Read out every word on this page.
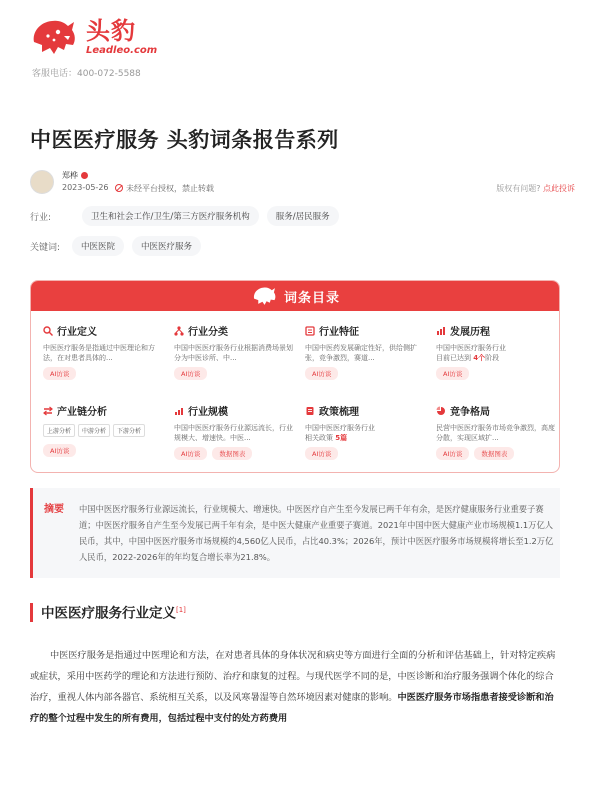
头豹
Leadleo.com
客服电话：400-072-5588
中医医疗服务 头豹词条报告系列
郑桦
2023-05-26	未经平台授权，禁止转载	版权有问题? 点此投诉
行业:	卫生和社会工作/卫生/第三方医疗服务机构	服务/居民服务
关键词:	中医医院	中医医疗服务
词条目录
行业定义
中医医疗服务是指通过中医理论和方法，在对患者具体的...
AI访谈
行业分类
中国中医医疗服务行业根据消费场景划分为中医诊所、中...
AI访谈
行业特征
中国中医药发展确定性好，供给侧扩张，竞争激烈，赛道...
AI访谈
发展历程
中国中医医疗服务行业
目前已达到 4个阶段
AI访谈
产业链分析
上游分析	中游分析	下游分析
AI访谈
行业规模
中国中医医疗服务行业源远流长，行业规模大、增速快。中医...
AI访谈	数据图表
政策梳理
中国中医医疗服务行业
相关政策 5篇
AI访谈
竞争格局
民营中医医疗服务市场竞争激烈，高度分散，实现区域扩...
AI访谈	数据图表
摘要 中国中医医疗服务行业源远流长，行业规模大、增速快。中医医疗自产生至今发展已两千年有余，是医疗健康服务行业重要子赛道；中医医疗服务自产生至今发展已两千年有余，是中医大健康产业重要子赛道。2021年中国中医大健康产业市场规模1.1万亿人民币，其中，中国中医医疗服务市场规模约4,560亿人民币，占比40.3%；2026年，预计中医医疗服务市场规模将增长至1.2万亿人民币，2022-2026年的年均复合增长率为21.8%。

中医医疗服务行业定义[1]

中医医疗服务是指通过中医理论和方法，在对患者具体的身体状况和病史等方面进行全面的分析和评估基础上，针对特定疾病或症状，采用中医药学的理论和方法进行预防、治疗和康复的过程。与现代医学不同的是，中医诊断和治疗服务强调个体化的综合治疗，重视人体内部各器官、系统相互关系，以及风寒暑湿等自然环境因素对健康的影响。中医医疗服务市场指患者接受诊断和治疗的整个过程中发生的所有费用，包括过程中支付的处方药费用
